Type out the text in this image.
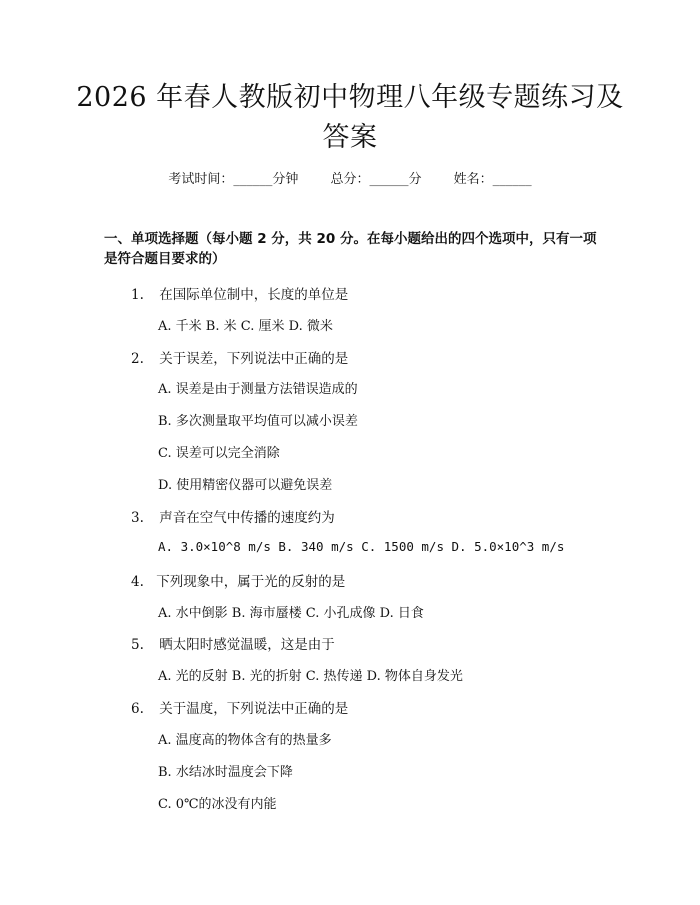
2026 年春人教版初中物理八年级专题练习及
答案
考试时间：______分钟 总分：______分 姓名：______
一、单项选择题（每小题 2 分，共 20 分。在每小题给出的四个选项中，只有一项是符合题目要求的）
1. 在国际单位制中，长度的单位是
A. 千米 B. 米 C. 厘米 D. 微米
2. 关于误差，下列说法中正确的是
A. 误差是由于测量方法错误造成的
B. 多次测量取平均值可以减小误差
C. 误差可以完全消除
D. 使用精密仪器可以避免误差
3. 声音在空气中传播的速度约为
A. 3.0×10^8 m/s B. 340 m/s C. 1500 m/s D. 5.0×10^3 m/s
4. 下列现象中，属于光的反射的是
A. 水中倒影 B. 海市蜃楼 C. 小孔成像 D. 日食
5. 晒太阳时感觉温暖，这是由于
A. 光的反射 B. 光的折射 C. 热传递 D. 物体自身发光
6. 关于温度，下列说法中正确的是
A. 温度高的物体含有的热量多
B. 水结冰时温度会下降
C. 0℃的冰没有内能
